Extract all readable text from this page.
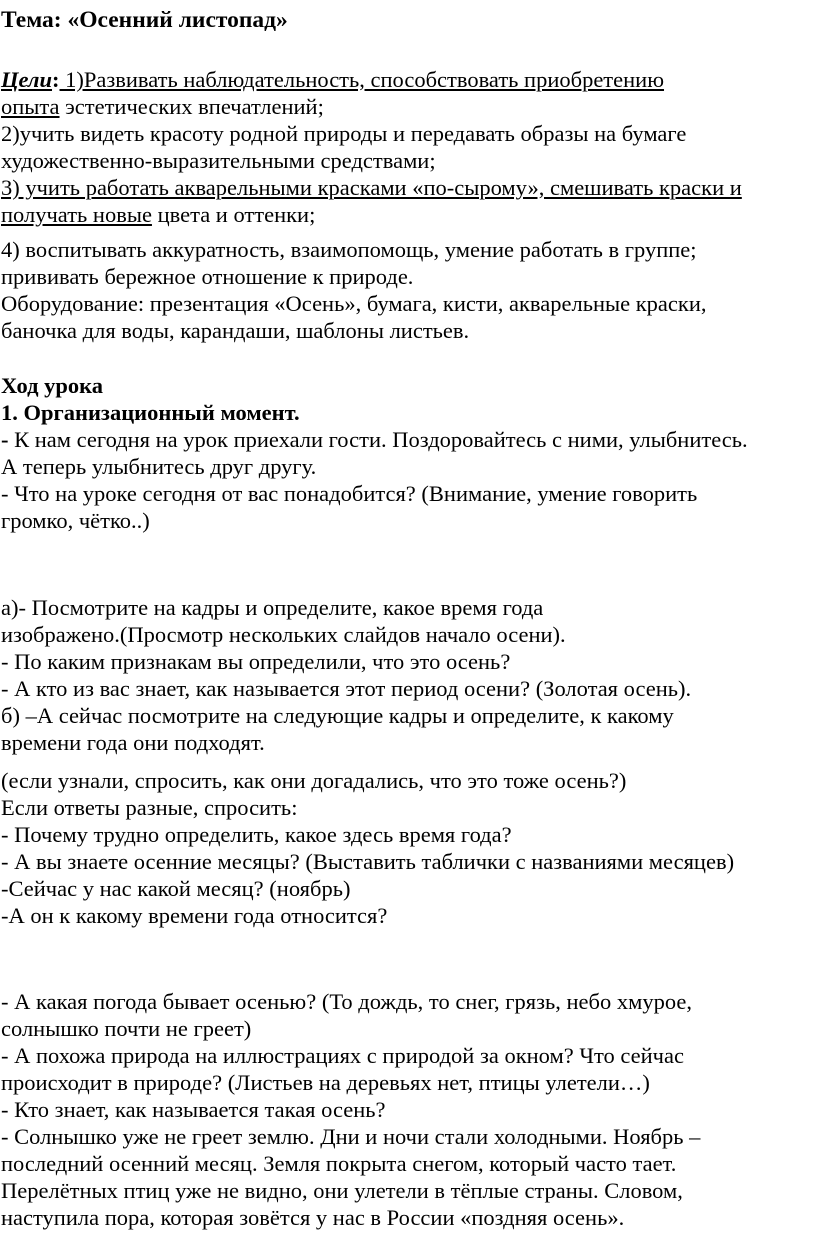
Тема: «Осенний листопад»
Цели: 1)Развивать наблюдательность, способствовать приобретению
опыта эстетических впечатлений;
2)учить видеть красоту родной природы и передавать образы на бумаге
художественно-выразительными средствами;
3) учить работать акварельными красками «по-сырому», смешивать краски и
получать новые цвета и оттенки;
4) воспитывать аккуратность, взаимопомощь, умение работать в группе;
прививать бережное отношение к природе.
Оборудование: презентация «Осень», бумага, кисти, акварельные краски,
баночка для воды, карандаши, шаблоны листьев.
Ход урока
1. Организационный момент.
- К нам сегодня на урок приехали гости. Поздоровайтесь с ними, улыбнитесь.
А теперь улыбнитесь друг другу.
- Что на уроке сегодня от вас понадобится? (Внимание, умение говорить
громко, чётко..)
а)- Посмотрите на кадры и определите, какое время года
изображено.(Просмотр нескольких слайдов начало осени).
- По каким признакам вы определили, что это осень?
- А кто из вас знает, как называется этот период осени? (Золотая осень).
б) –А сейчас посмотрите на следующие кадры и определите, к какому
времени года они подходят.
(если узнали, спросить, как они догадались, что это тоже осень?)
Если ответы разные, спросить:
- Почему трудно определить, какое здесь время года?
- А вы знаете осенние месяцы? (Выставить таблички с названиями месяцев)
-Сейчас у нас какой месяц? (ноябрь)
-А он к какому времени года относится?
- А какая погода бывает осенью? (То дождь, то снег, грязь, небо хмурое,
солнышко почти не греет)
- А похожа природа на иллюстрациях с природой за окном? Что сейчас
происходит в природе? (Листьев на деревьях нет, птицы улетели…)
- Кто знает, как называется такая осень?
- Солнышко уже не греет землю. Дни и ночи стали холодными. Ноябрь –
последний осенний месяц. Земля покрыта снегом, который часто тает.
Перелётных птиц уже не видно, они улетели в тёплые страны. Словом,
наступила пора, которая зовётся у нас в России «поздняя осень».
